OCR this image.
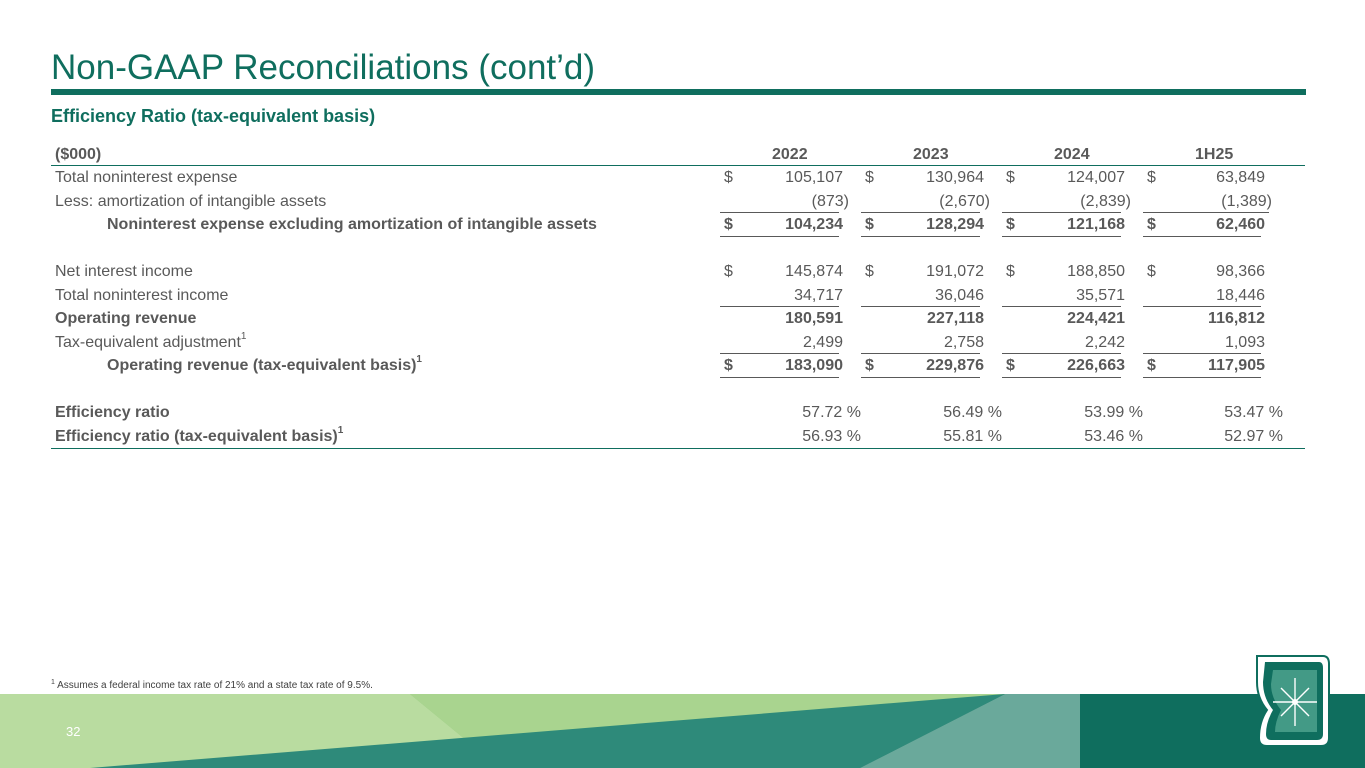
Non-GAAP Reconciliations (cont’d)
Efficiency Ratio (tax-equivalent basis)
($000)	2022	2023	2024	1H25
Total noninterest expense	$	105,107 $	130,964 $	124,007 $	63,849
Less: amortization of intangible assets	(873)	(2,670)	(2,839)	(1,389)
Noninterest expense excluding amortization of intangible assets	$	104,234 $	128,294 $	121,168 $	62,460
Net interest income	$	145,874 $	191,072 $	188,850 $	98,366
Total noninterest income	34,717	36,046	35,571	18,446
Operating revenue	180,591	227,118	224,421	116,812
Tax-equivalent adjustment$^1$	2,499	2,758	2,242	1,093
Operating revenue (tax-equivalent basis)$^1$	$	183,090 $	229,876 $	226,663 $	117,905
Efficiency ratio	57.72 %	56.49 %	53.99 %	53.47 %
Efficiency ratio (tax-equivalent basis)$^1$	56.93 %	55.81 %	53.46 %	52.97 %
$^1$ Assumes a federal income tax rate of 21% and a state tax rate of 9.5%.
32
